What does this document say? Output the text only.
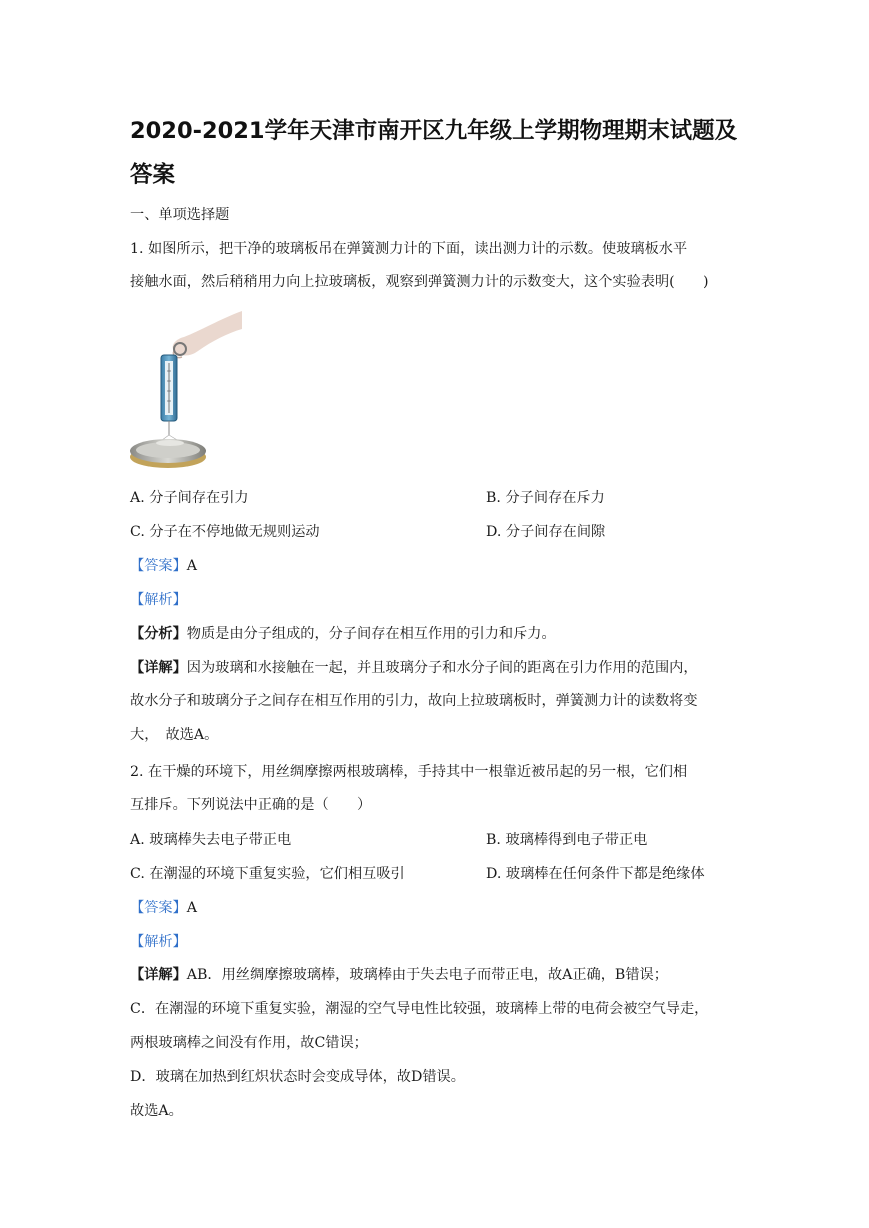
2020-2021学年天津市南开区九年级上学期物理期末试题及
答案
一、单项选择题
1. 如图所示，把干净的玻璃板吊在弹簧测力计的下面，读出测力计的示数。使玻璃板水平
接触水面，然后稍稍用力向上拉玻璃板，观察到弹簧测力计的示数变大，这个实验表明(　　)
A. 分子间存在引力	B. 分子间存在斥力
C. 分子在不停地做无规则运动	D. 分子间存在间隙
【答案】A
【解析】
【分析】物质是由分子组成的，分子间存在相互作用的引力和斥力。
【详解】因为玻璃和水接触在一起，并且玻璃分子和水分子间的距离在引力作用的范围内，
故水分子和玻璃分子之间存在相互作用的引力，故向上拉玻璃板时，弹簧测力计的读数将变
大，　故选A。
2. 在干燥的环境下，用丝绸摩擦两根玻璃棒，手持其中一根靠近被吊起的另一根，它们相
互排斥。下列说法中正确的是（　　）
A. 玻璃棒失去电子带正电	B. 玻璃棒得到电子带正电
C. 在潮湿的环境下重复实验，它们相互吸引	D. 玻璃棒在任何条件下都是绝缘体
【答案】A
【解析】
【详解】AB．用丝绸摩擦玻璃棒，玻璃棒由于失去电子而带正电，故A正确，B错误；
C．在潮湿的环境下重复实验，潮湿的空气导电性比较强，玻璃棒上带的电荷会被空气导走，
两根玻璃棒之间没有作用，故C错误；
D．玻璃在加热到红炽状态时会变成导体，故D错误。
故选A。
